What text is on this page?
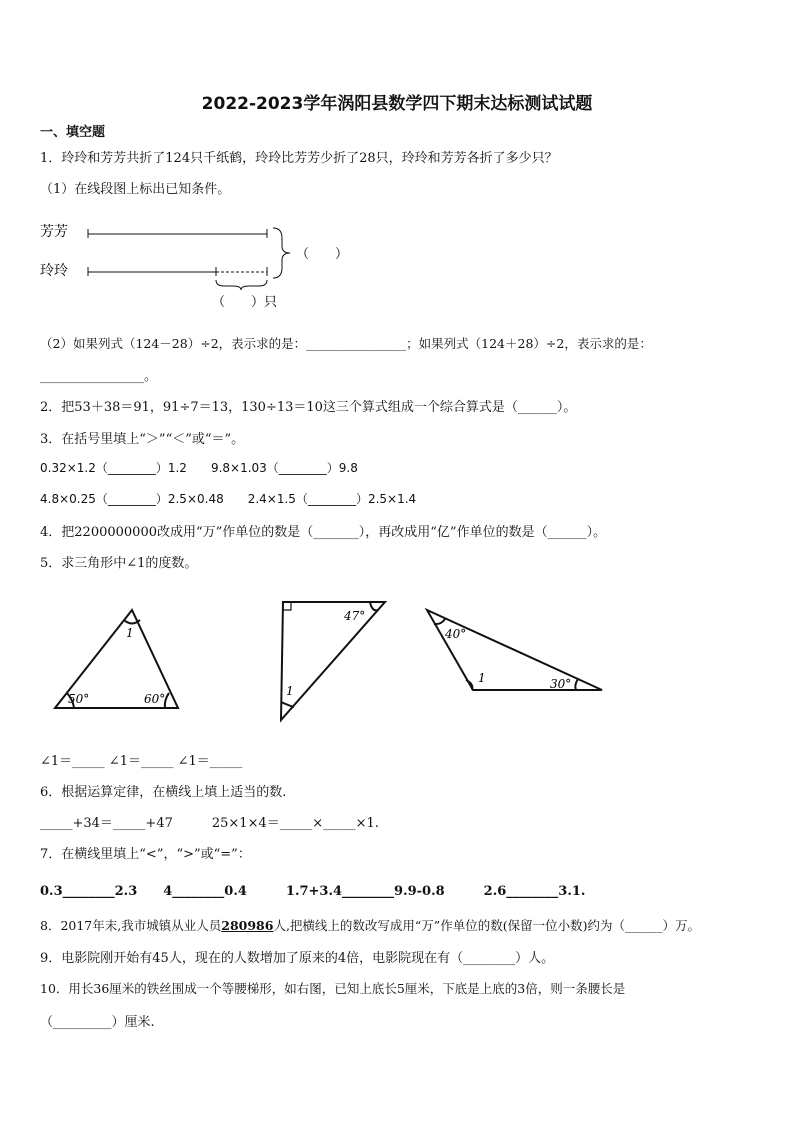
2022-2023学年涡阳县数学四下期末达标测试试题
一、填空题
1．玲玲和芳芳共折了124只千纸鹤，玲玲比芳芳少折了28只，玲玲和芳芳各折了多少只？
（1）在线段图上标出已知条件。
芳芳
玲玲
（　　）
（　　）只
（2）如果列式（124－28）÷2，表示求的是：________________；如果列式（124＋28）÷2，表示求的是：
________________。
2．把53＋38＝91，91÷7＝13，130÷13＝10这三个算式组成一个综合算式是（______）。
3．在括号里填上“＞”“＜”或“＝”。
0.32×1.2（________）1.2　　9.8×1.03（________）9.8
4.8×0.25（________）2.5×0.48　　2.4×1.5（________）2.5×1.4
4．把2200000000改成用“万”作单位的数是（_______），再改成用“亿”作单位的数是（______）。
5．求三角形中∠1的度数。
1
50°	60°
47°
1
40°
1	30°
∠1＝_____ ∠1＝_____ ∠1＝_____
6．根据运算定律，在横线上填上适当的数.
_____+34＝_____+47　　　25×1×4＝_____×_____×1.
7．在横线里填上“<”，“>”或“=”：
0.3________2.3　　4________0.4　　　1.7+3.4________9.9-0.8　　　2.6________3.1.
8．2017年末,我市城镇从业人员280986人,把横线上的数改写成用“万”作单位的数(保留一位小数)约为（______）万。
9．电影院刚开始有45人，现在的人数增加了原来的4倍，电影院现在有（________）人。
10．用长36厘米的铁丝围成一个等腰梯形，如右图，已知上底长5厘米，下底是上底的3倍，则一条腰长是
（_________）厘米.
